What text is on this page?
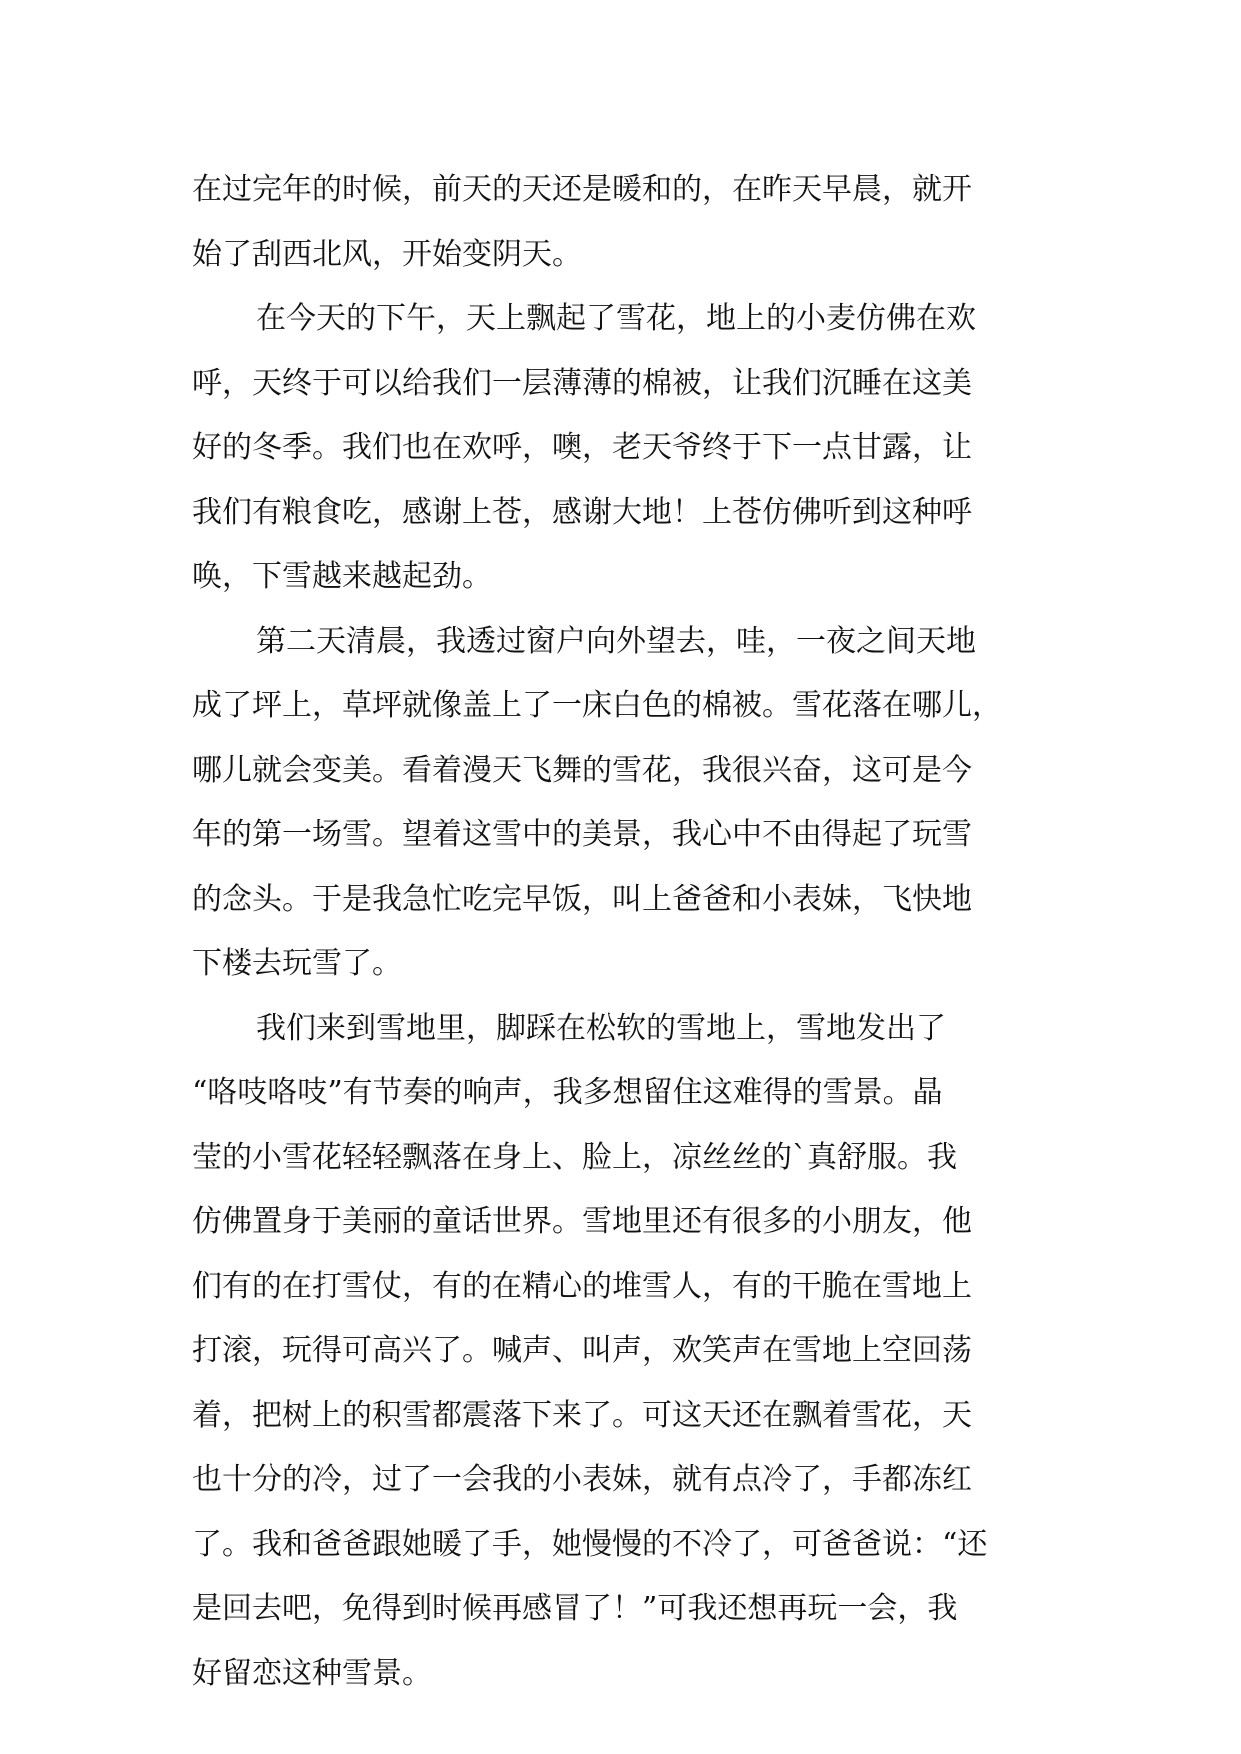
在过完年的时候，前天的天还是暖和的，在昨天早晨，就开
始了刮西北风，开始变阴天。
在今天的下午，天上飘起了雪花，地上的小麦仿佛在欢
呼，天终于可以给我们一层薄薄的棉被，让我们沉睡在这美
好的冬季。我们也在欢呼，噢，老天爷终于下一点甘露，让
我们有粮食吃，感谢上苍，感谢大地！上苍仿佛听到这种呼
唤，下雪越来越起劲。
第二天清晨，我透过窗户向外望去，哇，一夜之间天地
成了坪上，草坪就像盖上了一床白色的棉被。雪花落在哪儿，
哪儿就会变美。看着漫天飞舞的雪花，我很兴奋，这可是今
年的第一场雪。望着这雪中的美景，我心中不由得起了玩雪
的念头。于是我急忙吃完早饭，叫上爸爸和小表妹，飞快地
下楼去玩雪了。
我们来到雪地里，脚踩在松软的雪地上，雪地发出了
“咯吱咯吱”有节奏的响声，我多想留住这难得的雪景。晶
莹的小雪花轻轻飘落在身上、脸上，凉丝丝的`真舒服。我
仿佛置身于美丽的童话世界。雪地里还有很多的小朋友，他
们有的在打雪仗，有的在精心的堆雪人，有的干脆在雪地上
打滚，玩得可高兴了。喊声、叫声，欢笑声在雪地上空回荡
着，把树上的积雪都震落下来了。可这天还在飘着雪花，天
也十分的冷，过了一会我的小表妹，就有点冷了，手都冻红
了。我和爸爸跟她暖了手，她慢慢的不冷了，可爸爸说：“还
是回去吧，免得到时候再感冒了！”可我还想再玩一会，我
好留恋这种雪景。
